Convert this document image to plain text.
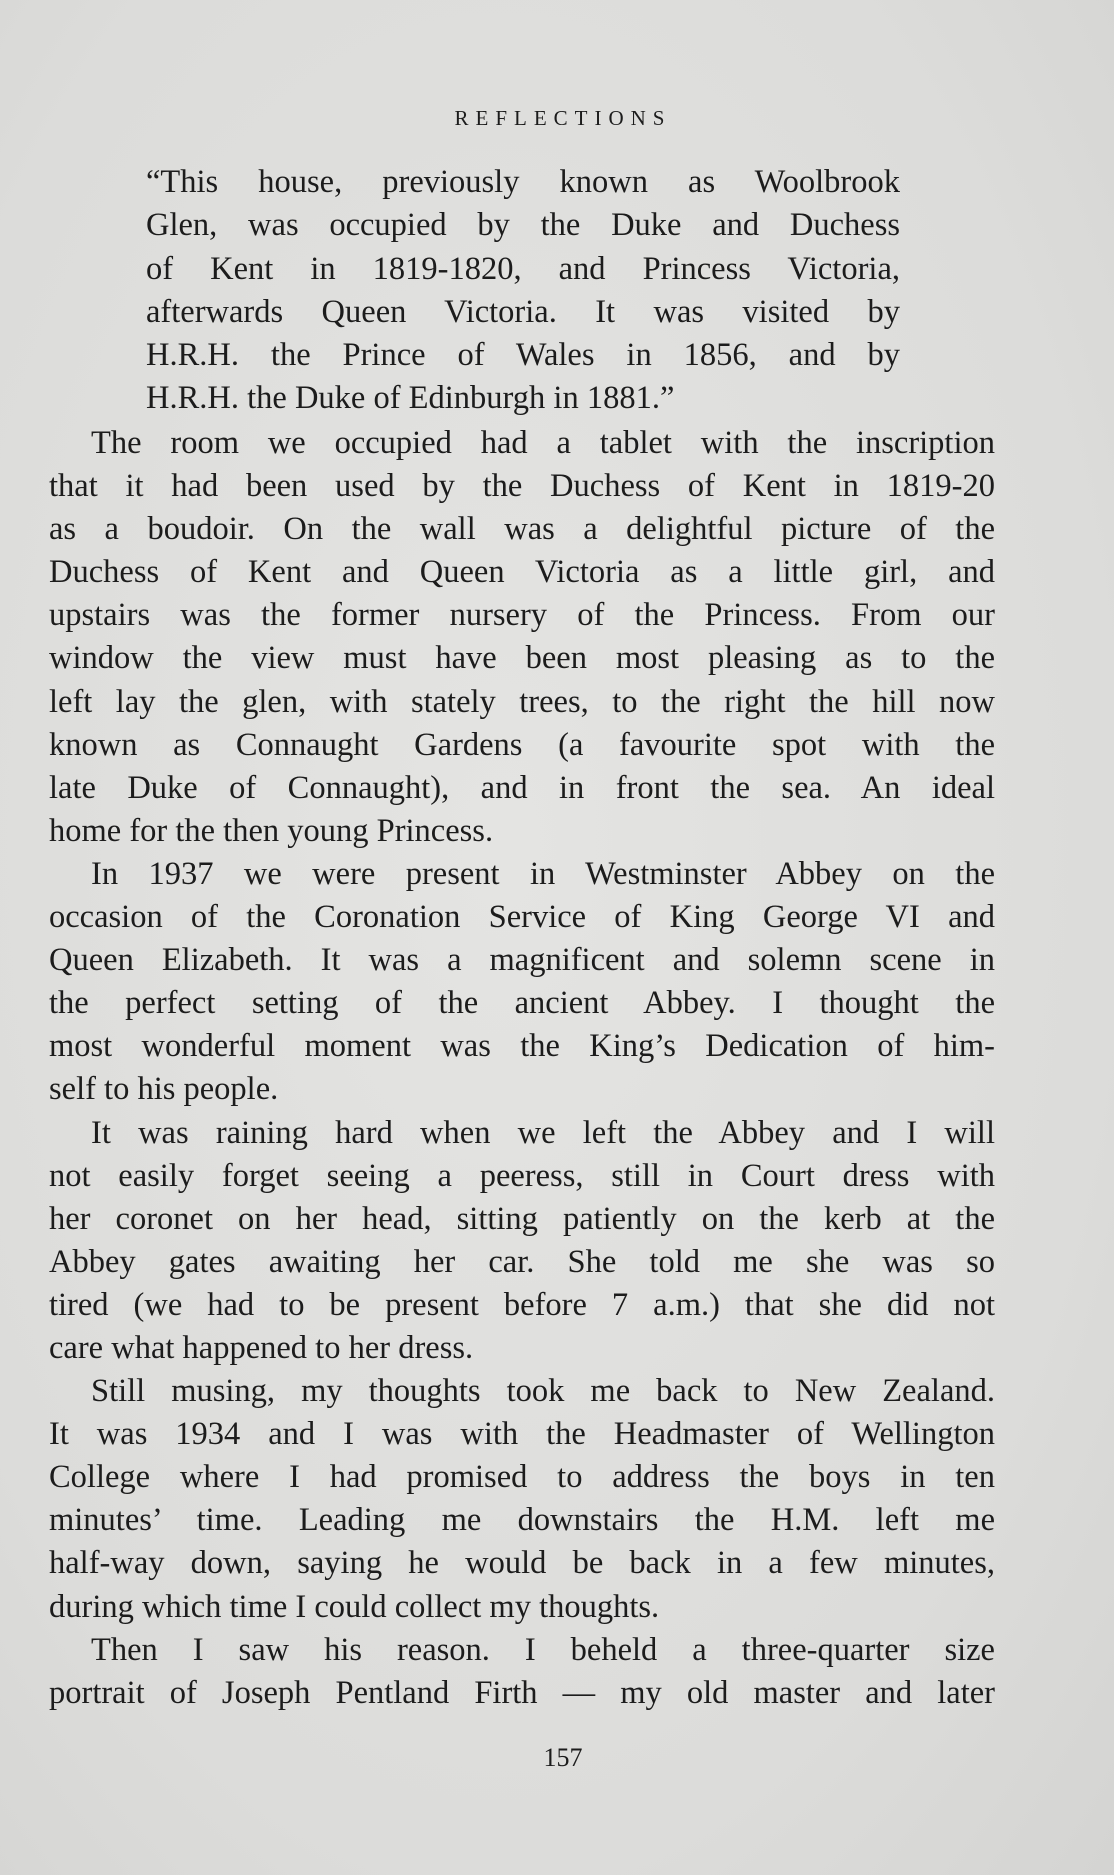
REFLECTIONS
“This house, previously known as Woolbrook
Glen, was occupied by the Duke and Duchess
of Kent in 1819-1820, and Princess Victoria,
afterwards Queen Victoria. It was visited by
H.R.H. the Prince of Wales in 1856, and by
H.R.H. the Duke of Edinburgh in 1881.”
The room we occupied had a tablet with the inscription
that it had been used by the Duchess of Kent in 1819-20
as a boudoir. On the wall was a delightful picture of the
Duchess of Kent and Queen Victoria as a little girl, and
upstairs was the former nursery of the Princess. From our
window the view must have been most pleasing as to the
left lay the glen, with stately trees, to the right the hill now
known as Connaught Gardens (a favourite spot with the
late Duke of Connaught), and in front the sea. An ideal
home for the then young Princess.
In 1937 we were present in Westminster Abbey on the
occasion of the Coronation Service of King George VI and
Queen Elizabeth. It was a magnificent and solemn scene in
the perfect setting of the ancient Abbey. I thought the
most wonderful moment was the King’s Dedication of him-
self to his people.
It was raining hard when we left the Abbey and I will
not easily forget seeing a peeress, still in Court dress with
her coronet on her head, sitting patiently on the kerb at the
Abbey gates awaiting her car. She told me she was so
tired (we had to be present before 7 a.m.) that she did not
care what happened to her dress.
Still musing, my thoughts took me back to New Zealand.
It was 1934 and I was with the Headmaster of Wellington
College where I had promised to address the boys in ten
minutes’ time. Leading me downstairs the H.M. left me
half-way down, saying he would be back in a few minutes,
during which time I could collect my thoughts.
Then I saw his reason. I beheld a three-quarter size
portrait of Joseph Pentland Firth — my old master and later
157
